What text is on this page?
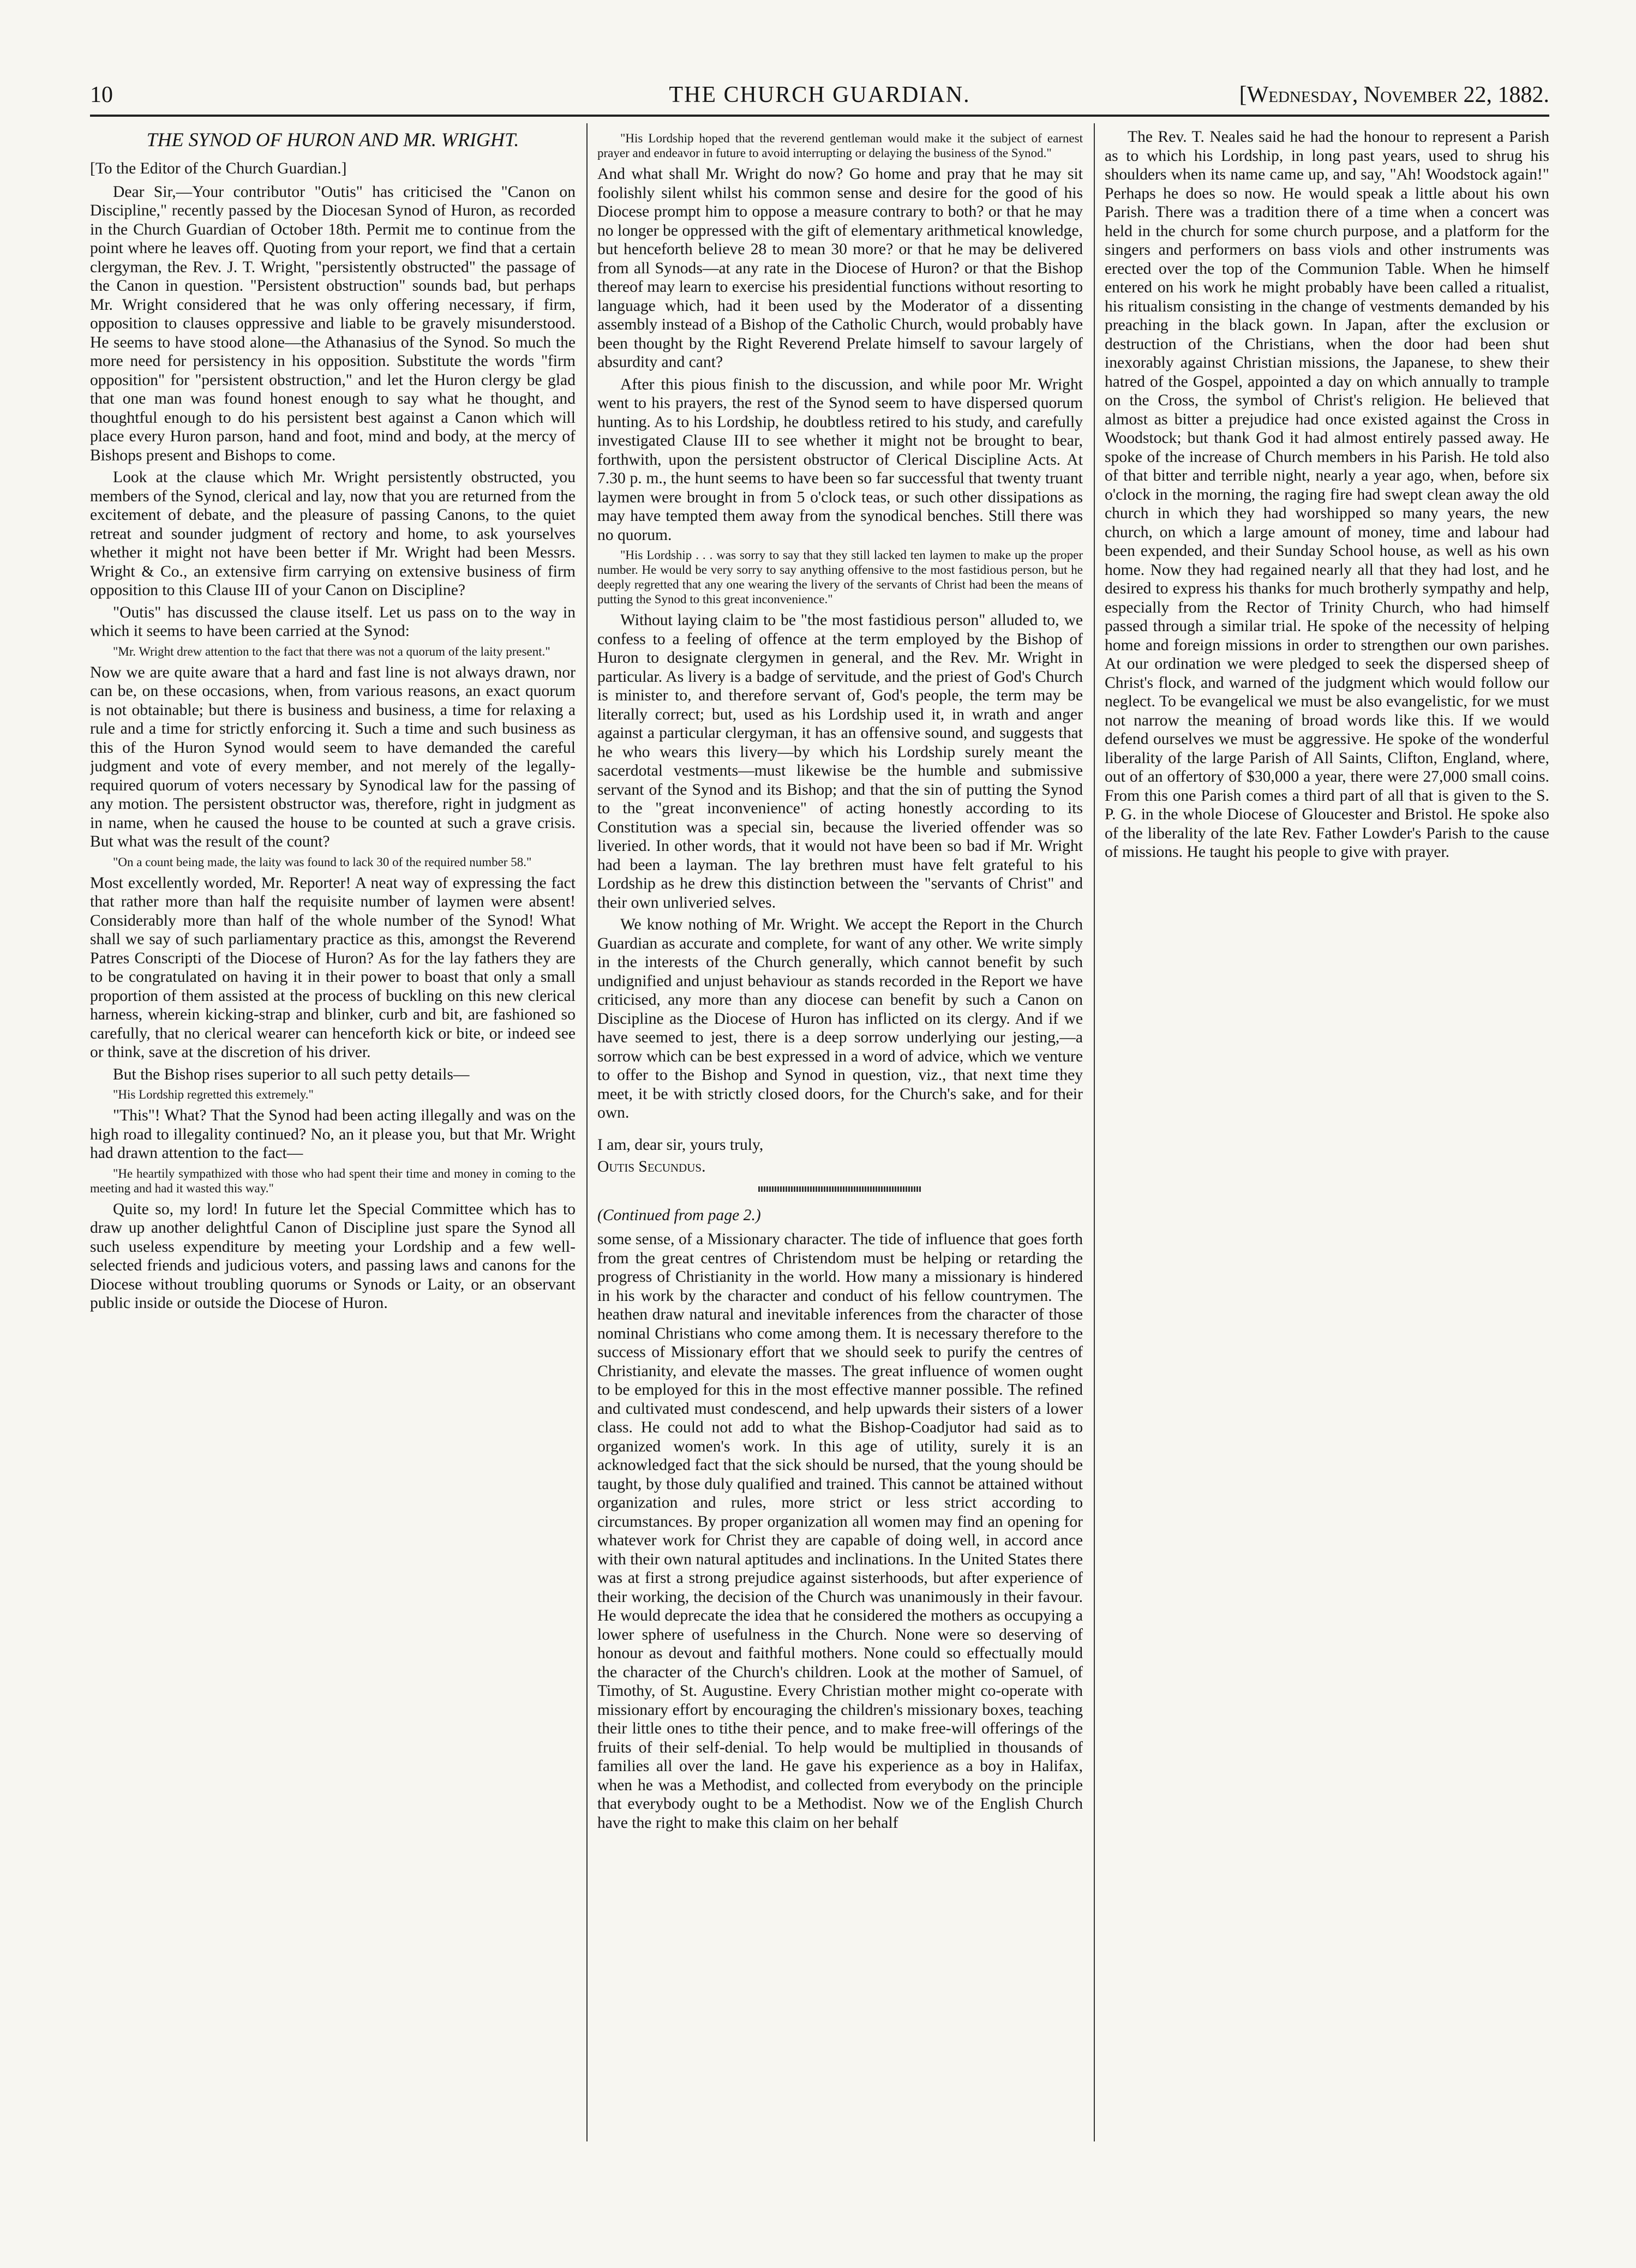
10	THE CHURCH GUARDIAN.	[Wednesday, November 22, 1882.
THE SYNOD OF HURON AND MR. WRIGHT.

[To the Editor of the Church Guardian.]

Dear Sir,—Your contributor "Outis" has criticised the "Canon on Discipline," recently passed by the Diocesan Synod of Huron, as recorded in the Church Guardian of October 18th. Permit me to continue from the point where he leaves off. Quoting from your report, we find that a certain clergyman, the Rev. J. T. Wright, "persistently obstructed" the passage of the Canon in question. "Persistent obstruction" sounds bad, but perhaps Mr. Wright considered that he was only offering necessary, if firm, opposition to clauses oppressive and liable to be gravely misunderstood. He seems to have stood alone—the Athanasius of the Synod. So much the more need for persistency in his opposition. Substitute the words "firm opposition" for "persistent obstruction," and let the Huron clergy be glad that one man was found honest enough to say what he thought, and thoughtful enough to do his persistent best against a Canon which will place every Huron parson, hand and foot, mind and body, at the mercy of Bishops present and Bishops to come.

Look at the clause which Mr. Wright persistently obstructed, you members of the Synod, clerical and lay, now that you are returned from the excitement of debate, and the pleasure of passing Canons, to the quiet retreat and sounder judgment of rectory and home, to ask yourselves whether it might not have been better if Mr. Wright had been Messrs. Wright & Co., an extensive firm carrying on extensive business of firm opposition to this Clause III of your Canon on Discipline?

"Outis" has discussed the clause itself. Let us pass on to the way in which it seems to have been carried at the Synod:

"Mr. Wright drew attention to the fact that there was not a quorum of the laity present."

Now we are quite aware that a hard and fast line is not always drawn, nor can be, on these occasions, when, from various reasons, an exact quorum is not obtainable; but there is business and business, a time for relaxing a rule and a time for strictly enforcing it. Such a time and such business as this of the Huron Synod would seem to have demanded the careful judgment and vote of every member, and not merely of the legally-required quorum of voters necessary by Synodical law for the passing of any motion. The persistent obstructor was, therefore, right in judgment as in name, when he caused the house to be counted at such a grave crisis. But what was the result of the count?

"On a count being made, the laity was found to lack 30 of the required number 58."

Most excellently worded, Mr. Reporter! A neat way of expressing the fact that rather more than half the requisite number of laymen were absent! Considerably more than half of the whole number of the Synod! What shall we say of such parliamentary practice as this, amongst the Reverend Patres Conscripti of the Diocese of Huron? As for the lay fathers they are to be congratulated on having it in their power to boast that only a small proportion of them assisted at the process of buckling on this new clerical harness, wherein kicking-strap and blinker, curb and bit, are fashioned so carefully, that no clerical wearer can henceforth kick or bite, or indeed see or think, save at the discretion of his driver.

But the Bishop rises superior to all such petty details—

"His Lordship regretted this extremely."

"This"! What? That the Synod had been acting illegally and was on the high road to illegality continued? No, an it please you, but that Mr. Wright had drawn attention to the fact—

"He heartily sympathized with those who had spent their time and money in coming to the meeting and had it wasted this way."

Quite so, my lord! In future let the Special Committee which has to draw up another delightful Canon of Discipline just spare the Synod all such useless expenditure by meeting your Lordship and a few well-selected friends and judicious voters, and passing laws and canons for the Diocese without troubling quorums or Synods or Laity, or an observant public inside or outside the Diocese of Huron.

"His Lordship hoped that the reverend gentleman would make it the subject of earnest prayer and endeavor in future to avoid interrupting or delaying the business of the Synod."

And what shall Mr. Wright do now? Go home and pray that he may sit foolishly silent whilst his common sense and desire for the good of his Diocese prompt him to oppose a measure contrary to both? or that he may no longer be oppressed with the gift of elementary arithmetical knowledge, but henceforth believe 28 to mean 30 more? or that he may be delivered from all Synods—at any rate in the Diocese of Huron? or that the Bishop thereof may learn to exercise his presidential functions without resorting to language which, had it been used by the Moderator of a dissenting assembly instead of a Bishop of the Catholic Church, would probably have been thought by the Right Reverend Prelate himself to savour largely of absurdity and cant?

After this pious finish to the discussion, and while poor Mr. Wright went to his prayers, the rest of the Synod seem to have dispersed quorum hunting. As to his Lordship, he doubtless retired to his study, and carefully investigated Clause III to see whether it might not be brought to bear, forthwith, upon the persistent obstructor of Clerical Discipline Acts. At 7.30 p. m., the hunt seems to have been so far successful that twenty truant laymen were brought in from 5 o'clock teas, or such other dissipations as may have tempted them away from the synodical benches. Still there was no quorum.

"His Lordship . . . was sorry to say that they still lacked ten laymen to make up the proper number. He would be very sorry to say anything offensive to the most fastidious person, but he deeply regretted that any one wearing the livery of the servants of Christ had been the means of putting the Synod to this great inconvenience."

Without laying claim to be "the most fastidious person" alluded to, we confess to a feeling of offence at the term employed by the Bishop of Huron to designate clergymen in general, and the Rev. Mr. Wright in particular. As livery is a badge of servitude, and the priest of God's Church is minister to, and therefore servant of, God's people, the term may be literally correct; but, used as his Lordship used it, in wrath and anger against a particular clergyman, it has an offensive sound, and suggests that he who wears this livery—by which his Lordship surely meant the sacerdotal vestments—must likewise be the humble and submissive servant of the Synod and its Bishop; and that the sin of putting the Synod to the "great inconvenience" of acting honestly according to its Constitution was a special sin, because the liveried offender was so liveried. In other words, that it would not have been so bad if Mr. Wright had been a layman. The lay brethren must have felt grateful to his Lordship as he drew this distinction between the "servants of Christ" and their own unliveried selves.

We know nothing of Mr. Wright. We accept the Report in the Church Guardian as accurate and complete, for want of any other. We write simply in the interests of the Church generally, which cannot benefit by such undignified and unjust behaviour as stands recorded in the Report we have criticised, any more than any diocese can benefit by such a Canon on Discipline as the Diocese of Huron has inflicted on its clergy. And if we have seemed to jest, there is a deep sorrow underlying our jesting,—a sorrow which can be best expressed in a word of advice, which we venture to offer to the Bishop and Synod in question, viz., that next time they meet, it be with strictly closed doors, for the Church's sake, and for their own.

I am, dear sir, yours truly,

Outis Secundus.

(Continued from page 2.)

some sense, of a Missionary character. The tide of influence that goes forth from the great centres of Christendom must be helping or retarding the progress of Christianity in the world. How many a missionary is hindered in his work by the character and conduct of his fellow countrymen. The heathen draw natural and inevitable inferences from the character of those nominal Christians who come among them. It is necessary therefore to the success of Missionary effort that we should seek to purify the centres of Christianity, and elevate the masses. The great influence of women ought to be employed for this in the most effective manner possible. The refined and cultivated must condescend, and help upwards their sisters of a lower class. He could not add to what the Bishop-Coadjutor had said as to organized women's work. In this age of utility, surely it is an acknowledged fact that the sick should be nursed, that the young should be taught, by those duly qualified and trained. This cannot be attained without organization and rules, more strict or less strict according to circumstances. By proper organization all women may find an opening for whatever work for Christ they are capable of doing well, in accord ance with their own natural aptitudes and inclinations. In the United States there was at first a strong prejudice against sisterhoods, but after experience of their working, the decision of the Church was unanimously in their favour. He would deprecate the idea that he considered the mothers as occupying a lower sphere of usefulness in the Church. None were so deserving of honour as devout and faithful mothers. None could so effectually mould the character of the Church's children. Look at the mother of Samuel, of Timothy, of St. Augustine. Every Christian mother might co-operate with missionary effort by encouraging the children's missionary boxes, teaching their little ones to tithe their pence, and to make free-will offerings of the fruits of their self-denial. To help would be multiplied in thousands of families all over the land. He gave his experience as a boy in Halifax, when he was a Methodist, and collected from everybody on the principle that everybody ought to be a Methodist. Now we of the English Church have the right to make this claim on her behalf

The Rev. T. Neales said he had the honour to represent a Parish as to which his Lordship, in long past years, used to shrug his shoulders when its name came up, and say, "Ah! Woodstock again!" Perhaps he does so now. He would speak a little about his own Parish. There was a tradition there of a time when a concert was held in the church for some church purpose, and a platform for the singers and performers on bass viols and other instruments was erected over the top of the Communion Table. When he himself entered on his work he might probably have been called a ritualist, his ritualism consisting in the change of vestments demanded by his preaching in the black gown. In Japan, after the exclusion or destruction of the Christians, when the door had been shut inexorably against Christian missions, the Japanese, to shew their hatred of the Gospel, appointed a day on which annually to trample on the Cross, the symbol of Christ's religion. He believed that almost as bitter a prejudice had once existed against the Cross in Woodstock; but thank God it had almost entirely passed away. He spoke of the increase of Church members in his Parish. He told also of that bitter and terrible night, nearly a year ago, when, before six o'clock in the morning, the raging fire had swept clean away the old church in which they had worshipped so many years, the new church, on which a large amount of money, time and labour had been expended, and their Sunday School house, as well as his own home. Now they had regained nearly all that they had lost, and he desired to express his thanks for much brotherly sympathy and help, especially from the Rector of Trinity Church, who had himself passed through a similar trial. He spoke of the necessity of helping home and foreign missions in order to strengthen our own parishes. At our ordination we were pledged to seek the dispersed sheep of Christ's flock, and warned of the judgment which would follow our neglect. To be evangelical we must be also evangelistic, for we must not narrow the meaning of broad words like this. If we would defend ourselves we must be aggressive. He spoke of the wonderful liberality of the large Parish of All Saints, Clifton, England, where, out of an offertory of $30,000 a year, there were 27,000 small coins. From this one Parish comes a third part of all that is given to the S. P. G. in the whole Diocese of Gloucester and Bristol. He spoke also of the liberality of the late Rev. Father Lowder's Parish to the cause of missions. He taught his people to give with prayer.
